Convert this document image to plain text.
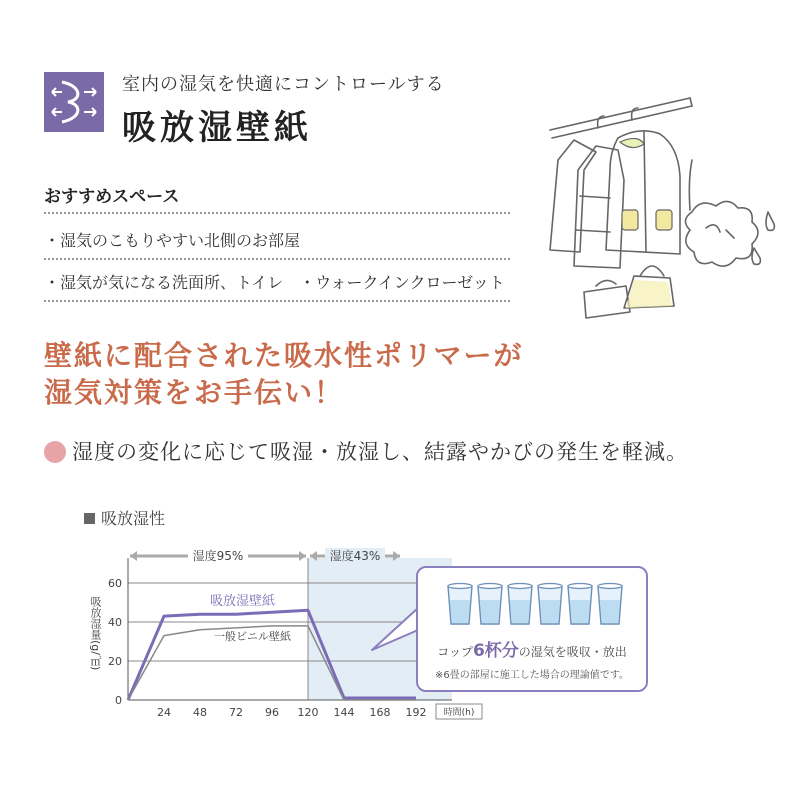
室内の湿気を快適にコントロールする
吸放湿壁紙
おすすめスペース
・湿気のこもりやすい北側のお部屋
・湿気が気になる洗面所、トイレ　・ウォークインクローゼット
壁紙に配合された吸水性ポリマーが
湿気対策をお手伝い！
湿度の変化に応じて吸湿・放湿し、結露やかびの発生を軽減。
吸放湿性
吸放湿量(g/㎡)
湿度95%	湿度43%
0
20
40
60
24 48 72 96 120 144 168 192
吸放湿壁紙
一般ビニル壁紙
時間(h)
コップ6杯分の湿気を吸収・放出
※6畳の部屋に施工した場合の理論値です。
